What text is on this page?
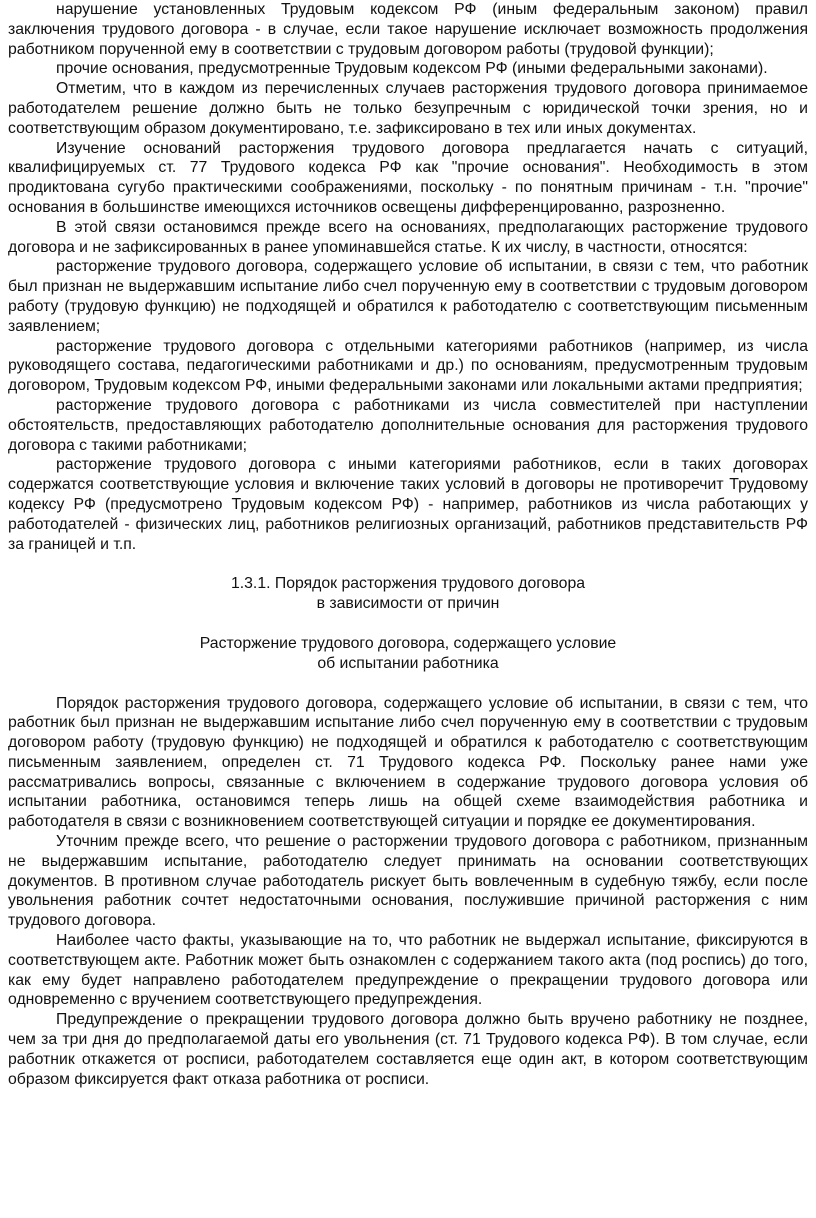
нарушение установленных Трудовым кодексом РФ (иным федеральным законом) правил заключения трудового договора - в случае, если такое нарушение исключает возможность продолжения работником порученной ему в соответствии с трудовым договором работы (трудовой функции);

прочие основания, предусмотренные Трудовым кодексом РФ (иными федеральными законами).

Отметим, что в каждом из перечисленных случаев расторжения трудового договора принимаемое работодателем решение должно быть не только безупречным с юридической точки зрения, но и соответствующим образом документировано, т.е. зафиксировано в тех или иных документах.

Изучение оснований расторжения трудового договора предлагается начать с ситуаций, квалифицируемых ст. 77 Трудового кодекса РФ как "прочие основания". Необходимость в этом продиктована сугубо практическими соображениями, поскольку - по понятным причинам - т.н. "прочие" основания в большинстве имеющихся источников освещены дифференцированно, разрозненно.

В этой связи остановимся прежде всего на основаниях, предполагающих расторжение трудового договора и не зафиксированных в ранее упоминавшейся статье. К их числу, в частности, относятся:

расторжение трудового договора, содержащего условие об испытании, в связи с тем, что работник был признан не выдержавшим испытание либо счел порученную ему в соответствии с трудовым договором работу (трудовую функцию) не подходящей и обратился к работодателю с соответствующим письменным заявлением;

расторжение трудового договора с отдельными категориями работников (например, из числа руководящего состава, педагогическими работниками и др.) по основаниям, предусмотренным трудовым договором, Трудовым кодексом РФ, иными федеральными законами или локальными актами предприятия;

расторжение трудового договора с работниками из числа совместителей при наступлении обстоятельств, предоставляющих работодателю дополнительные основания для расторжения трудового договора с такими работниками;

расторжение трудового договора с иными категориями работников, если в таких договорах содержатся соответствующие условия и включение таких условий в договоры не противоречит Трудовому кодексу РФ (предусмотрено Трудовым кодексом РФ) - например, работников из числа работающих у работодателей - физических лиц, работников религиозных организаций, работников представительств РФ за границей и т.п.

1.3.1. Порядок расторжения трудового договора

в зависимости от причин

Расторжение трудового договора, содержащего условие

об испытании работника

Порядок расторжения трудового договора, содержащего условие об испытании, в связи с тем, что работник был признан не выдержавшим испытание либо счел порученную ему в соответствии с трудовым договором работу (трудовую функцию) не подходящей и обратился к работодателю с соответствующим письменным заявлением, определен ст. 71 Трудового кодекса РФ. Поскольку ранее нами уже рассматривались вопросы, связанные с включением в содержание трудового договора условия об испытании работника, остановимся теперь лишь на общей схеме взаимодействия работника и работодателя в связи с возникновением соответствующей ситуации и порядке ее документирования.

Уточним прежде всего, что решение о расторжении трудового договора с работником, признанным не выдержавшим испытание, работодателю следует принимать на основании соответствующих документов. В противном случае работодатель рискует быть вовлеченным в судебную тяжбу, если после увольнения работник сочтет недостаточными основания, послужившие причиной расторжения с ним трудового договора.

Наиболее часто факты, указывающие на то, что работник не выдержал испытание, фиксируются в соответствующем акте. Работник может быть ознакомлен с содержанием такого акта (под роспись) до того, как ему будет направлено работодателем предупреждение о прекращении трудового договора или одновременно с вручением соответствующего предупреждения.

Предупреждение о прекращении трудового договора должно быть вручено работнику не позднее, чем за три дня до предполагаемой даты его увольнения (ст. 71 Трудового кодекса РФ). В том случае, если работник откажется от росписи, работодателем составляется еще один акт, в котором соответствующим образом фиксируется факт отказа работника от росписи.
